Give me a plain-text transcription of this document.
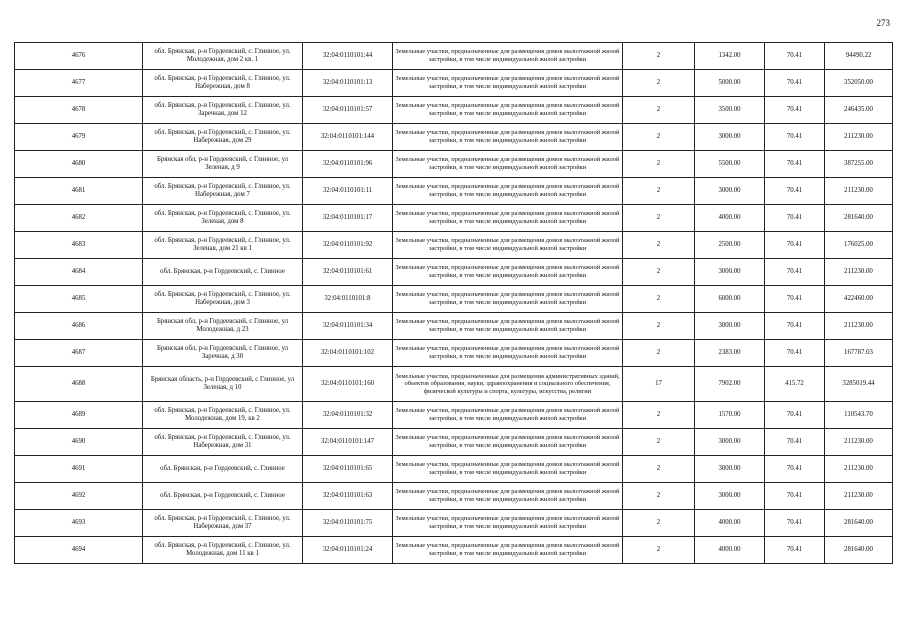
273
4676	обл. Брянская, р-н Гордеевский, с. Глинное, ул. Молодежная, дом 2 кв. 1	32:04:0110101:44	Земельные участки, предназначенные для размещения домов малоэтажной жилой застройки, в том числе индивидуальной жилой застройки	2	1342.00	70.41	94490.22
4677	обл. Брянская, р-н Гордеевский, с. Глинное, ул. Набережная, дом 8	32:04:0110101:13	Земельные участки, предназначенные для размещения домов малоэтажной жилой застройки, в том числе индивидуальной жилой застройки	2	5000.00	70.41	352050.00
4678	обл. Брянская, р-н Гордеевский, с. Глинное, ул. Заречная, дом 12	32:04:0110101:57	Земельные участки, предназначенные для размещения домов малоэтажной жилой застройки, в том числе индивидуальной жилой застройки	2	3500.00	70.41	246435.00
4679	обл. Брянская, р-н Гордеевский, с. Глинное, ул. Набережная, дом 29	32:04:0110101:144	Земельные участки, предназначенные для размещения домов малоэтажной жилой застройки, в том числе индивидуальной жилой застройки	2	3000.00	70.41	211230.00
4680	Брянская обл, р-н Гордеевский, с Глинное, ул Зеленая, д 9	32:04:0110101:96	Земельные участки, предназначенные для размещения домов малоэтажной жилой застройки, в том числе индивидуальной жилой застройки	2	5500.00	70.41	387255.00
4681	обл. Брянская, р-н Гордеевский, с. Глинное, ул. Набережная, дом 7	32:04:0110101:11	Земельные участки, предназначенные для размещения домов малоэтажной жилой застройки, в том числе индивидуальной жилой застройки	2	3000.00	70.41	211230.00
4682	обл. Брянская, р-н Гордеевский, с. Глинное, ул. Зеленая, дом 8	32:04:0110101:17	Земельные участки, предназначенные для размещения домов малоэтажной жилой застройки, в том числе индивидуальной жилой застройки	2	4000.00	70.41	281640.00
4683	обл. Брянская, р-н Гордеевский, с. Глинное, ул. Зеленая, дом 21 кв 1	32:04:0110101:92	Земельные участки, предназначенные для размещения домов малоэтажной жилой застройки, в том числе индивидуальной жилой застройки	2	2500.00	70.41	176025.00
4684	обл. Брянская, р-н Гордеевский, с. Глинное	32:04:0110101:61	Земельные участки, предназначенные для размещения домов малоэтажной жилой застройки, в том числе индивидуальной жилой застройки	2	3000.00	70.41	211230.00
4685	обл. Брянская, р-н Гордеевский, с. Глинное, ул. Набережная, дом 3	32:04:0110101:8	Земельные участки, предназначенные для размещения домов малоэтажной жилой застройки, в том числе индивидуальной жилой застройки	2	6000.00	70.41	422460.00
4686	Брянская обл, р-н Гордеевский, с Глинное, ул Молодежная, д 23	32:04:0110101:34	Земельные участки, предназначенные для размещения домов малоэтажной жилой застройки, в том числе индивидуальной жилой застройки	2	3000.00	70.41	211230.00
4687	Брянская обл, р-н Гордеевский, с Глинное, ул Заречная, д 30	32:04:0110101:102	Земельные участки, предназначенные для размещения домов малоэтажной жилой застройки, в том числе индивидуальной жилой застройки	2	2383.00	70.41	167787.03
4688	Брянская область, р-н Гордеевский, с Глинное, ул Зеленая, д 10	32:04:0110101:160	Земельные участки, предназначенные для размещения административных зданий, объектов образования, науки, здравоохранения и социального обеспечения, физической культуры и спорта, культуры, искусства, религии	17	7902.00	415.72	3285019.44
4689	обл. Брянская, р-н Гордеевский, с. Глинное, ул. Молодежная, дом 19, кв 2	32:04:0110101:32	Земельные участки, предназначенные для размещения домов малоэтажной жилой застройки, в том числе индивидуальной жилой застройки	2	1570.00	70.41	110543.70
4690	обл. Брянская, р-н Гордеевский, с. Глинное, ул. Набережная, дом 31	32:04:0110101:147	Земельные участки, предназначенные для размещения домов малоэтажной жилой застройки, в том числе индивидуальной жилой застройки	2	3000.00	70.41	211230.00
4691	обл. Брянская, р-н Гордеевский, с. Глинное	32:04:0110101:65	Земельные участки, предназначенные для размещения домов малоэтажной жилой застройки, в том числе индивидуальной жилой застройки	2	3000.00	70.41	211230.00
4692	обл. Брянская, р-н Гордеевский, с. Глинное	32:04:0110101:63	Земельные участки, предназначенные для размещения домов малоэтажной жилой застройки, в том числе индивидуальной жилой застройки	2	3000.00	70.41	211230.00
4693	обл. Брянская, р-н Гордеевский, с. Глинное, ул. Набережная, дом 37	32:04:0110101:75	Земельные участки, предназначенные для размещения домов малоэтажной жилой застройки, в том числе индивидуальной жилой застройки	2	4000.00	70.41	281640.00
4694	обл. Брянская, р-н Гордеевский, с. Глинное, ул. Молодежная, дом 11 кв 1	32:04:0110101:24	Земельные участки, предназначенные для размещения домов малоэтажной жилой застройки, в том числе индивидуальной жилой застройки	2	4000.00	70.41	281640.00
